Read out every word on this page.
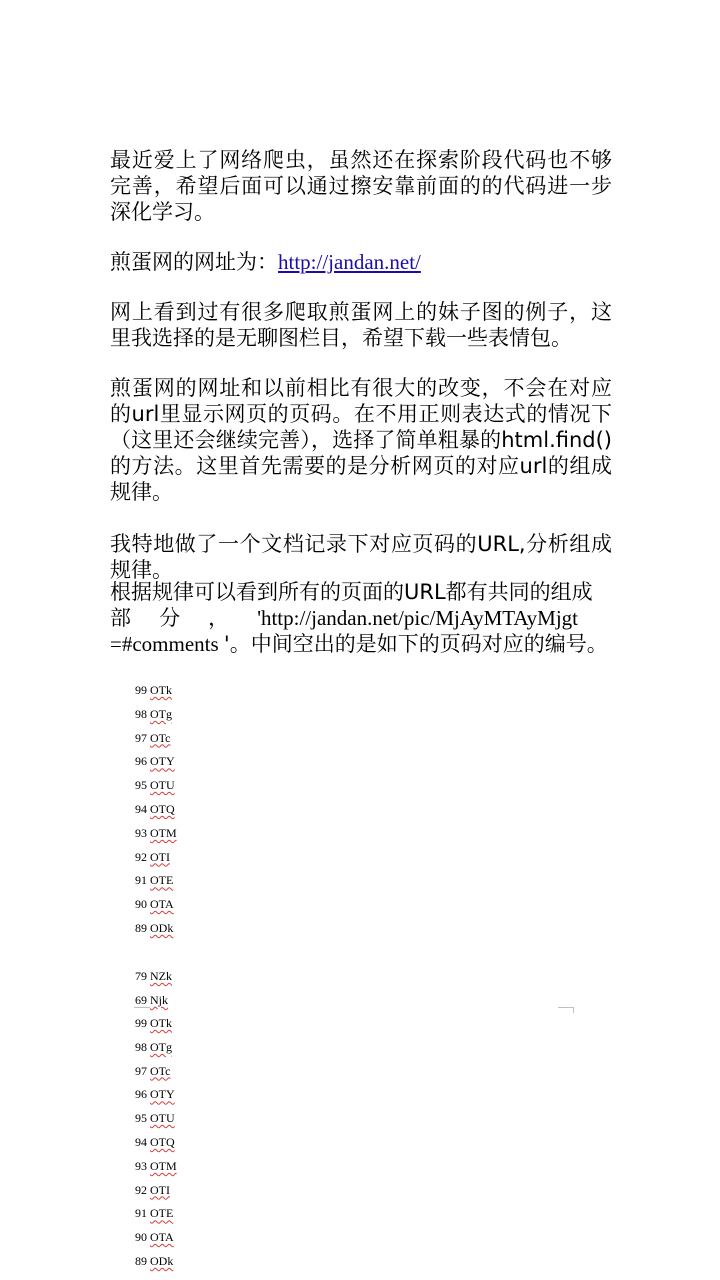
最近爱上了网络爬虫，虽然还在探索阶段代码也不够完善，希望后面可以通过擦安靠前面的的代码进一步深化学习。

煎蛋网的网址为：http://jandan.net/

网上看到过有很多爬取煎蛋网上的妹子图的例子，这里我选择的是无聊图栏目，希望下载一些表情包。

煎蛋网的网址和以前相比有很大的改变，不会在对应的url里显示网页的页码。在不用正则表达式的情况下（这里还会继续完善），选择了简单粗暴的html.find()的方法。这里首先需要的是分析网页的对应url的组成规律。

我特地做了一个文档记录下对应页码的URL,分析组成规律。

根据规律可以看到所有的页面的URL都有共同的组成
部 分 ， 'http://jandan.net/pic/MjAyMTAyMjgt
=#comments '。中间空出的是如下的页码对应的编号。
99 OTk
98 OTg
97 OTc
96 OTY
95 OTU
94 OTQ
93 OTM
92 OTI
91 OTE
90 OTA
89 ODk
79 NZk
69 Njk
99 OTk
98 OTg
97 OTc
96 OTY
95 OTU
94 OTQ
93 OTM
92 OTI
91 OTE
90 OTA
89 ODk
